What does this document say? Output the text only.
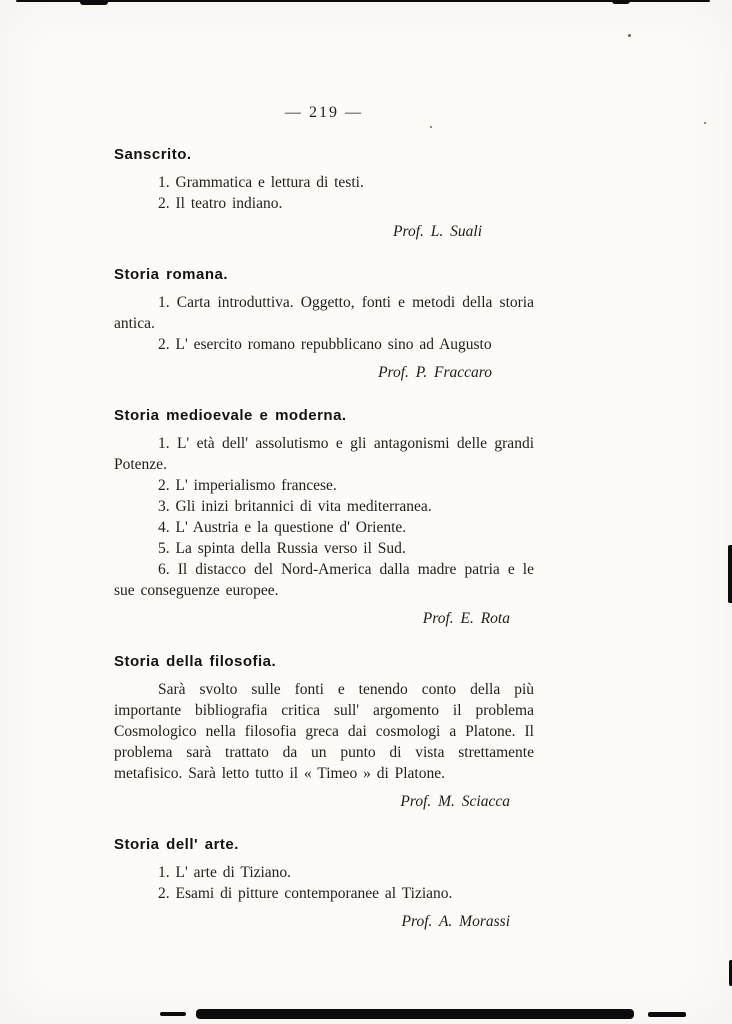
— 219 —
Sanscrito.

1. Grammatica e lettura di testi.

2. Il teatro indiano.

Prof. L. Suali
Storia romana.

1. Carta introduttiva. Oggetto, fonti e metodi della storia antica.

2. L' esercito romano repubblicano sino ad Augusto

Prof. P. Fraccaro
Storia medioevale e moderna.

1. L' età dell' assolutismo e gli antagonismi delle grandi Potenze.

2. L' imperialismo francese.

3. Gli inizi britannici di vita mediterranea.

4. L' Austria e la questione d' Oriente.

5. La spinta della Russia verso il Sud.

6. Il distacco del Nord-America dalla madre patria e le sue conseguenze europee.

Prof. E. Rota
Storia della filosofia.

Sarà svolto sulle fonti e tenendo conto della più importante bibliografia critica sull' argomento il problema Cosmologico nella filosofia greca dai cosmologi a Platone. Il problema sarà trattato da un punto di vista strettamente metafisico. Sarà letto tutto il « Timeo » di Platone.

Prof. M. Sciacca
Storia dell' arte.

1. L' arte di Tiziano.

2. Esami di pitture contemporanee al Tiziano.

Prof. A. Morassi
